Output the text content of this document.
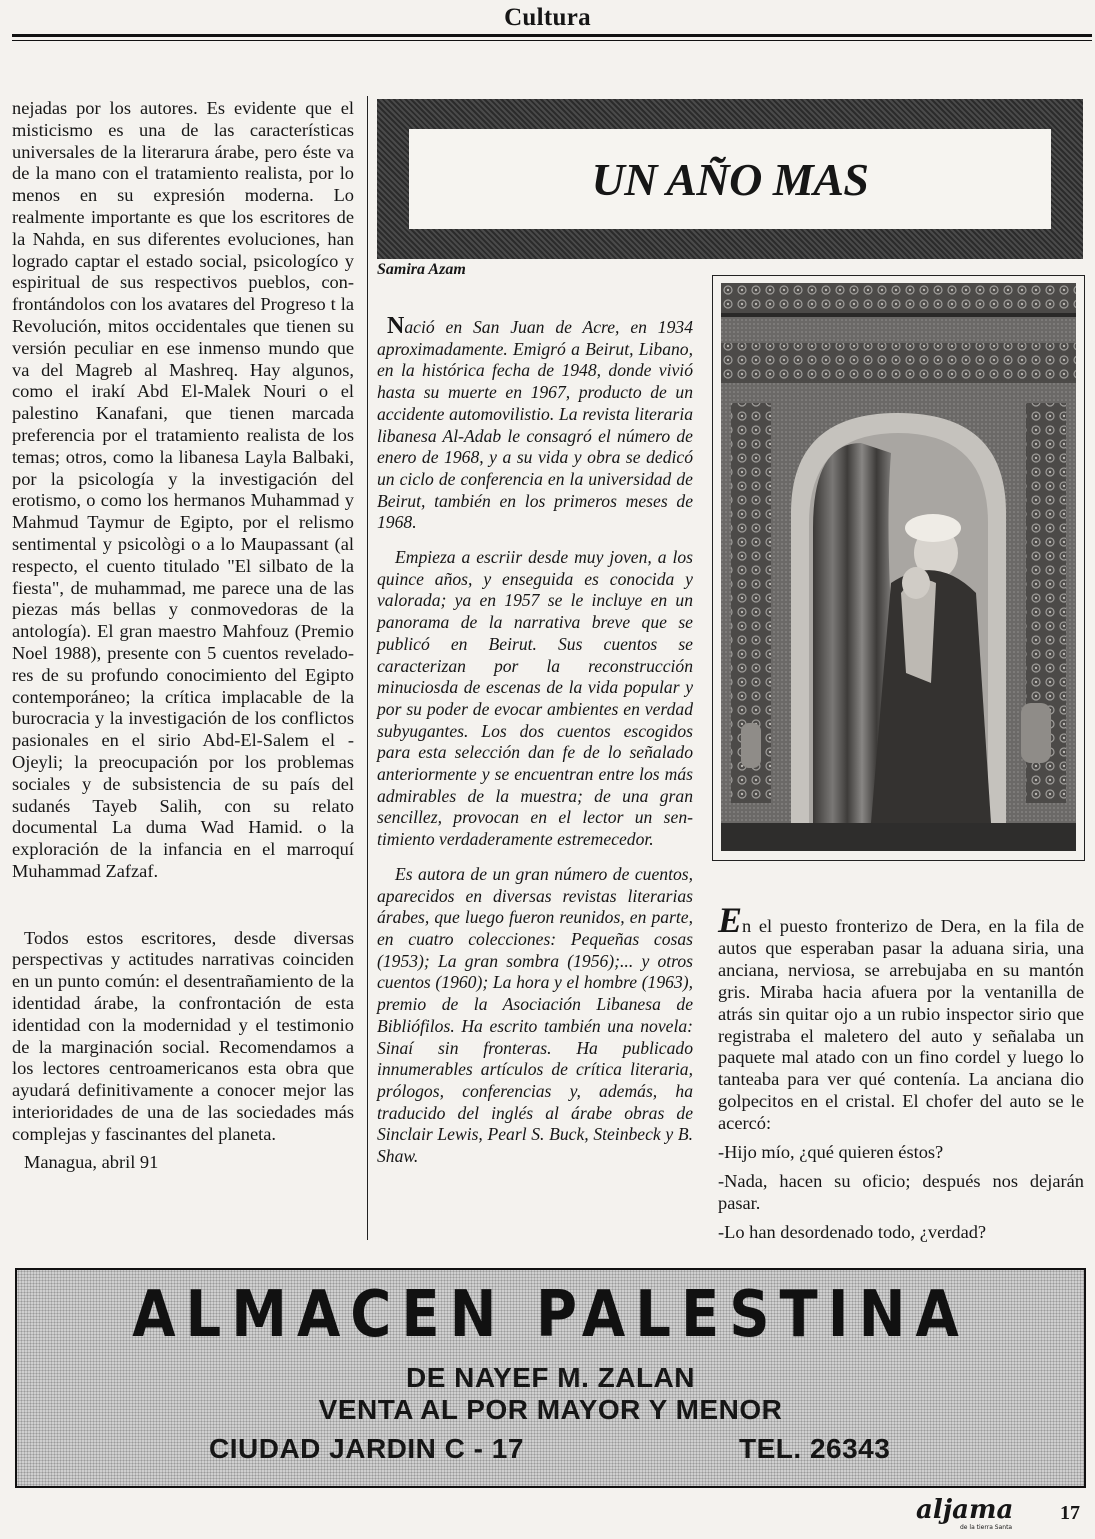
Cultura

nejadas por los autores. Es evidente que el misticismo es una de las características universales de la literarura árabe, pero éste va de la mano con el tratamiento realista, por lo menos en su expresión moderna. Lo realmente importante es que los escritores de la Nahda, en sus diferentes evoluciones, han logrado captar el estado social, psicologíco y espiritual de sus respectivos pueblos, confrontándolos con los avatares del Progreso t la Revolución, mitos occidentales que tienen su versión peculiar en ese inmenso mundo que va del Magreb al Mashreq. Hay algunos, como el irakí Abd El-Malek Nouri o el palestino Kanafani, que tienen marcada preferencia por el tratamiento realista de los temas; otros, como la libanesa Layla Balbaki, por la psicología y la investigación del erotismo, o como los hermanos Muhammad y Mahmud Taymur de Egipto, por el relismo sentimental y psicològi o a lo Maupassant (al respecto, el cuento titulado "El silbato de la fiesta", de muhammad, me parece una de las piezas más bellas y conmovedoras de la antología). El gran maestro Mahfouz (Premio Noel 1988), presente con 5 cuentos reveladores de su profundo conocimiento del Egipto contemporáneo; la crítica implacable de la burocracia y la investigación de los conflictos pasionales en el sirio Abd-El-Salem el -Ojeyli; la preocupación por los problemas sociales y de subsistencia de su país del sudanés Tayeb Salih, con su relato documental La duma Wad Hamid. o la exploración de la infancia en el marroquí Muhammad Zafzaf.

Todos estos escritores, desde diversas perspectivas y actitudes narrativas coinciden en un punto común: el desentrañamiento de la identidad árabe, la confrontación de esta identidad con la modernidad y el testimonio de la marginación social. Recomendamos a los lectores centroamericanos esta obra que ayudará definitivamente a conocer mejor las interioridades de una de las sociedades más complejas y fascinantes del planeta.

Managua, abril 91

UN AÑO MAS
Samira Azam

Nació en San Juan de Acre, en 1934 aproximadamente. Emigró a Beirut, Libano, en la histórica fecha de 1948, donde vivió hasta su muerte en 1967, producto de un accidente automovilistio. La revista literaria libanesa Al-Adab le consagró el número de enero de 1968, y a su vida y obra se dedicó un ciclo de conferencia en la universidad de Beirut, también en los primeros meses de 1968.

Empieza a escriir desde muy joven, a los quince años, y enseguida es conocida y valorada; ya en 1957 se le incluye en un panorama de la narrativa breve que se publicó en Beirut. Sus cuentos se caracterizan por la reconstrucción minuciosda de escenas de la vida popular y por su poder de evocar ambientes en verdad subyugantes. Los dos cuentos escogidos para esta selección dan fe de lo señalado anteriormente y se encuentran entre los más admirables de la muestra; de una gran sencillez, provocan en el lector un sentimiento verdaderamente estremecedor.

Es autora de un gran número de cuentos, aparecidos en diversas revistas literarias árabes, que luego fueron reunidos, en parte, en cuatro colecciones: Pequeñas cosas (1953); La gran sombra (1956);... y otros cuentos (1960); La hora y el hombre (1963), premio de la Asociación Libanesa de Bibliófilos. Ha escrito también una novela: Sinaí sin fronteras. Ha publicado innumerables artículos de crítica literaria, prólogos, conferencias y, además, ha traducido del inglés al árabe obras de Sinclair Lewis, Pearl S. Buck, Steinbeck y B. Shaw.

En el puesto fronterizo de Dera, en la fila de autos que esperaban pasar la aduana siria, una anciana, nerviosa, se arrebujaba en su mantón gris. Miraba hacia afuera por la ventanilla de atrás sin quitar ojo a un rubio inspector sirio que registraba el maletero del auto y señalaba un paquete mal atado con un fino cordel y luego lo tanteaba para ver qué contenía. La anciana dio golpecitos en el cristal. El chofer del auto se le acercó:

-Hijo mío, ¿qué quieren éstos?

-Nada, hacen su oficio; después nos dejarán pasar.

-Lo han desordenado todo, ¿verdad?

ALMACEN PALESTINA
DE NAYEF M. ZALAN
VENTA AL POR MAYOR Y MENOR
CIUDAD JARDIN C - 17	TEL. 26343
aljama
de la tierra Santa
17
